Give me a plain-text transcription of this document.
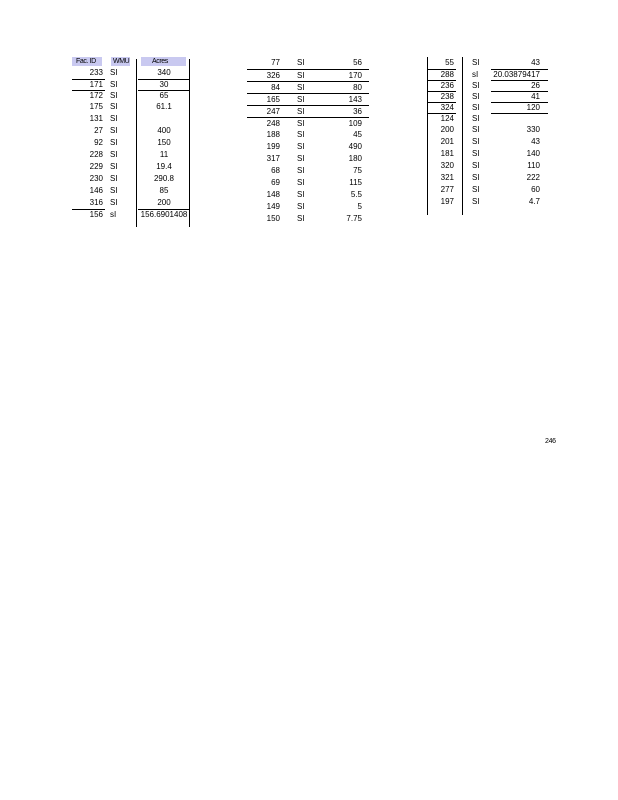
Fac. ID WMU	Acres
233 SI	340
171 SI	30
172 SI	65
175 SI	61.1
131 SI
27 SI	400
92 SI	150
228 SI	11
229 SI	19.4
230 SI	290.8
146 SI	85
316 SI	200
156 sI	156.6901408
77 SI	56
326 SI	170
84 SI	80
165 SI	143
247 SI	36
248 SI	109
188 SI	45
199 SI	490
317 SI	180
68 SI	75
69 SI	115
148 SI	5.5
149 SI	5
150 SI	7.75
55 SI	43
288 sI	20.03879417
236 SI	26
238 SI	41
324 SI	120
124 SI
200 SI	330
201 SI	43
181 SI	140
320 SI	110
321 SI	222
277 SI	60
197 SI	4.7
246
